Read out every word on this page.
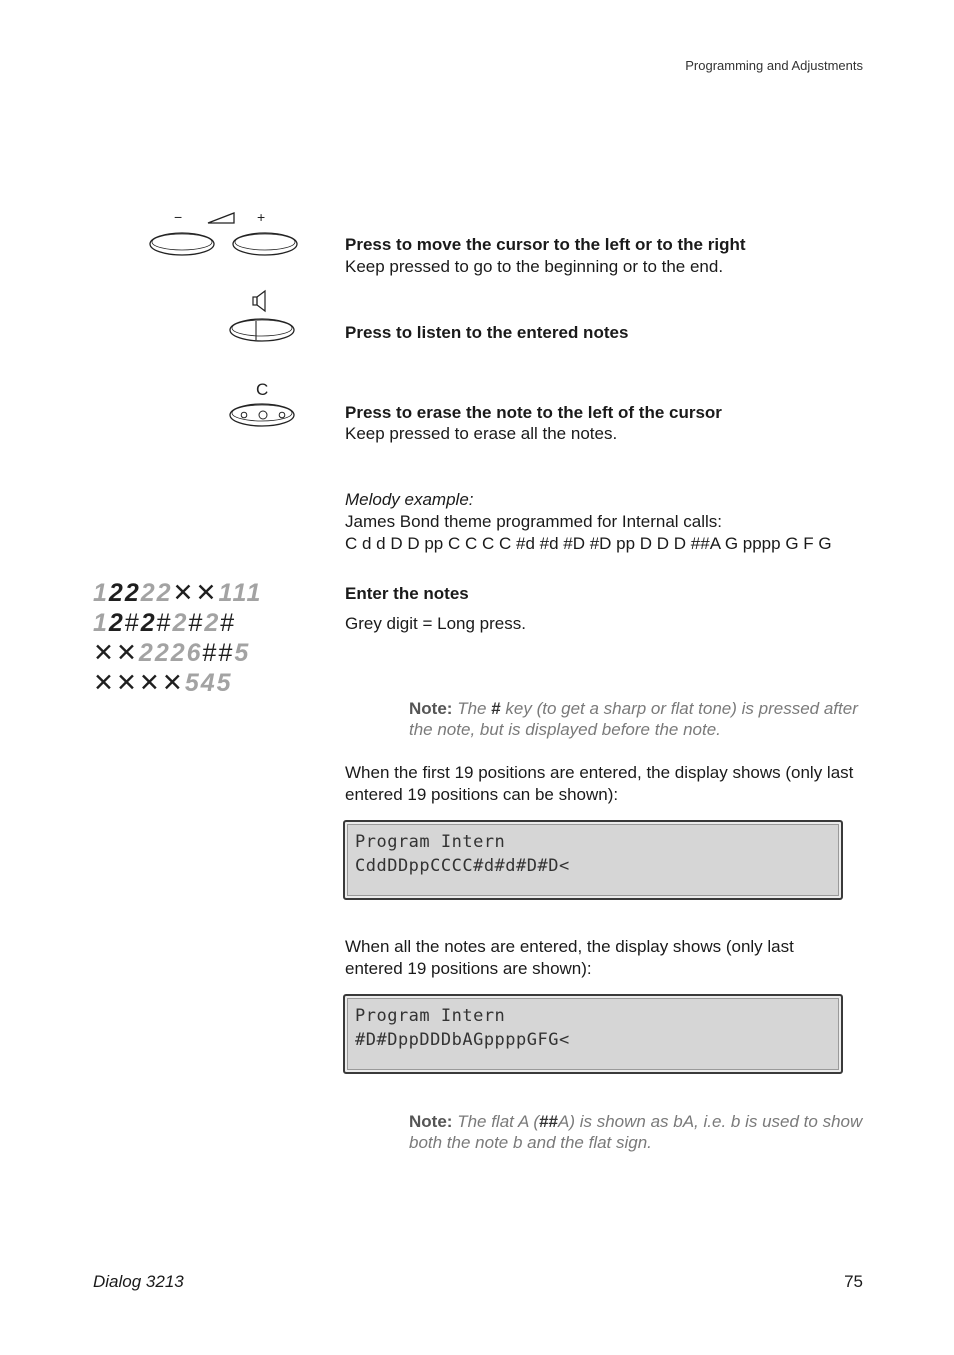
Programming and Adjustments
−	+
Press to move the cursor to the left or to the right
Keep pressed to go to the beginning or to the end.
Press to listen to the entered notes
C
Press to erase the note to the left of the cursor
Keep pressed to erase all the notes.
Melody example:
James Bond theme programmed for Internal calls:
C d d D D pp C C C C #d #d #D #D pp D D D ##A G pppp G F G
12222✕✕111
12#2#2#2#
✕✕2226##5
✕✕✕✕545
Enter the notes
Grey digit = Long press.
Note: The # key (to get a sharp or flat tone) is pressed after the note, but is displayed before the note.
When the first 19 positions are entered, the display shows (only last entered 19 positions can be shown):
Program Intern
CddDDppCCCC#d#d#D#D<
When all the notes are entered, the display shows (only last entered 19 positions are shown):
Program Intern
#D#DppDDDbAGppppGFG<
Note: The flat A (##A) is shown as bA, i.e. b is used to show both the note b and the flat sign.
Dialog 3213	75
